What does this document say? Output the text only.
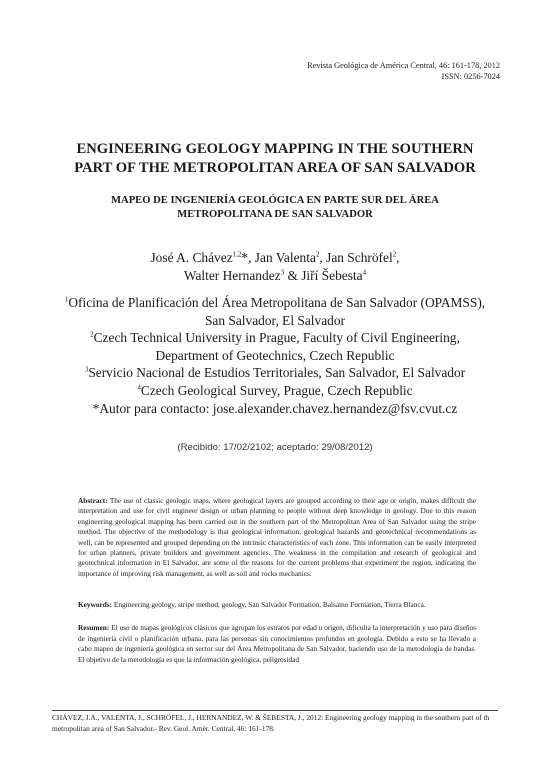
Revista Geológica de América Central, 46: 161-178, 2012
ISSN: 0256-7024
ENGINEERING GEOLOGY MAPPING IN THE SOUTHERN
PART OF THE METROPOLITAN AREA OF SAN SALVADOR
MAPEO DE INGENIERÍA GEOLÓGICA EN PARTE SUR DEL ÁREA
METROPOLITANA DE SAN SALVADOR
José A. Chávez$^{1,2}$*, Jan Valenta$^2$, Jan Schröfel$^2$,
Walter Hernandez$^3$ & Jiří Šebesta$^4$
$^1$Oficina de Planificación del Área Metropolitana de San Salvador (OPAMSS),
San Salvador, El Salvador
$^2$Czech Technical University in Prague, Faculty of Civil Engineering,
Department of Geotechnics, Czech Republic
$^3$Servicio Nacional de Estudios Territoriales, San Salvador, El Salvador
$^4$Czech Geological Survey, Prague, Czech Republic
*Autor para contacto: jose.alexander.chavez.hernandez@fsv.cvut.cz
(Recibido: 17/02/2102; aceptado: 29/08/2012)

Abstract: The use of classic geologic maps, where geological layers are grouped according to their age or origin, makes difficult the interpretation and use for civil engineer design or urban planning to people without deep knowledge in geology. Due to this reason engineering geological mapping has been carried out in the southern part of the Metropolitan Area of San Salvador using the stripe method. The objective of the methodology is that geological information, geological hazards and geotechnical recommendations as well, can be represented and grouped depending on the intrinsic characteristics of each zone. This information can be easily interpreted for urban planners, private builders and government agencies. The weakness in the compilation and research of geological and geotechnical information in El Salvador, are some of the reasons for the current problems that experiment the region, indicating the importance of improving risk management, as well as soil and rocks mechanics.

Keywords: Engineering geology, stripe method, geology, San Salvador Formation, Balsamo Formation, Tierra Blanca.

Resumen: El uso de mapas geológicos clásicos que agrupan los estratos por edad u origen, dificulta la interpretación y uso para diseños de ingeniería civil o planificación urbana, para las personas sin conocimientos profundos en geología. Debido a esto se ha llevado a cabo mapeo de ingeniería geológica en sector sur del Área Metropolitana de San Salvador, haciendo uso de la metodología de bandas. El objetivo de la metodología es que la información geológica, peligrosidad

CHÁVEZ, J.A., VALENTA, J., SCHRÖFEL, J., HERNANDEZ, W. & ŠEBESTA, J., 2012: Engineering geology mapping in the southern part of th metropolitan area of San Salvador.- Rev. Geol. Amér. Central, 46: 161-178.
